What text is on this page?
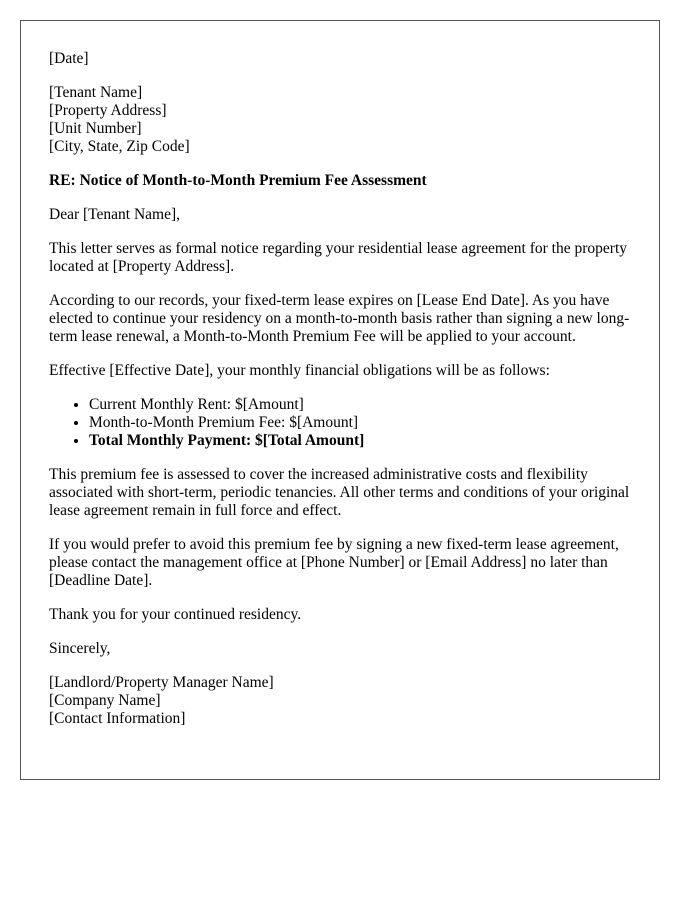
[Date]

[Tenant Name]
[Property Address]
[Unit Number]
[City, State, Zip Code]

RE: Notice of Month-to-Month Premium Fee Assessment

Dear [Tenant Name],

This letter serves as formal notice regarding your residential lease agreement for the property located at [Property Address].

According to our records, your fixed-term lease expires on [Lease End Date]. As you have elected to continue your residency on a month-to-month basis rather than signing a new long-term lease renewal, a Month-to-Month Premium Fee will be applied to your account.

Effective [Effective Date], your monthly financial obligations will be as follows:

• Current Monthly Rent: $[Amount]
• Month-to-Month Premium Fee: $[Amount]
• Total Monthly Payment: $[Total Amount]

This premium fee is assessed to cover the increased administrative costs and flexibility associated with short-term, periodic tenancies. All other terms and conditions of your original lease agreement remain in full force and effect.

If you would prefer to avoid this premium fee by signing a new fixed-term lease agreement, please contact the management office at [Phone Number] or [Email Address] no later than [Deadline Date].

Thank you for your continued residency.

Sincerely,

[Landlord/Property Manager Name]
[Company Name]
[Contact Information]
